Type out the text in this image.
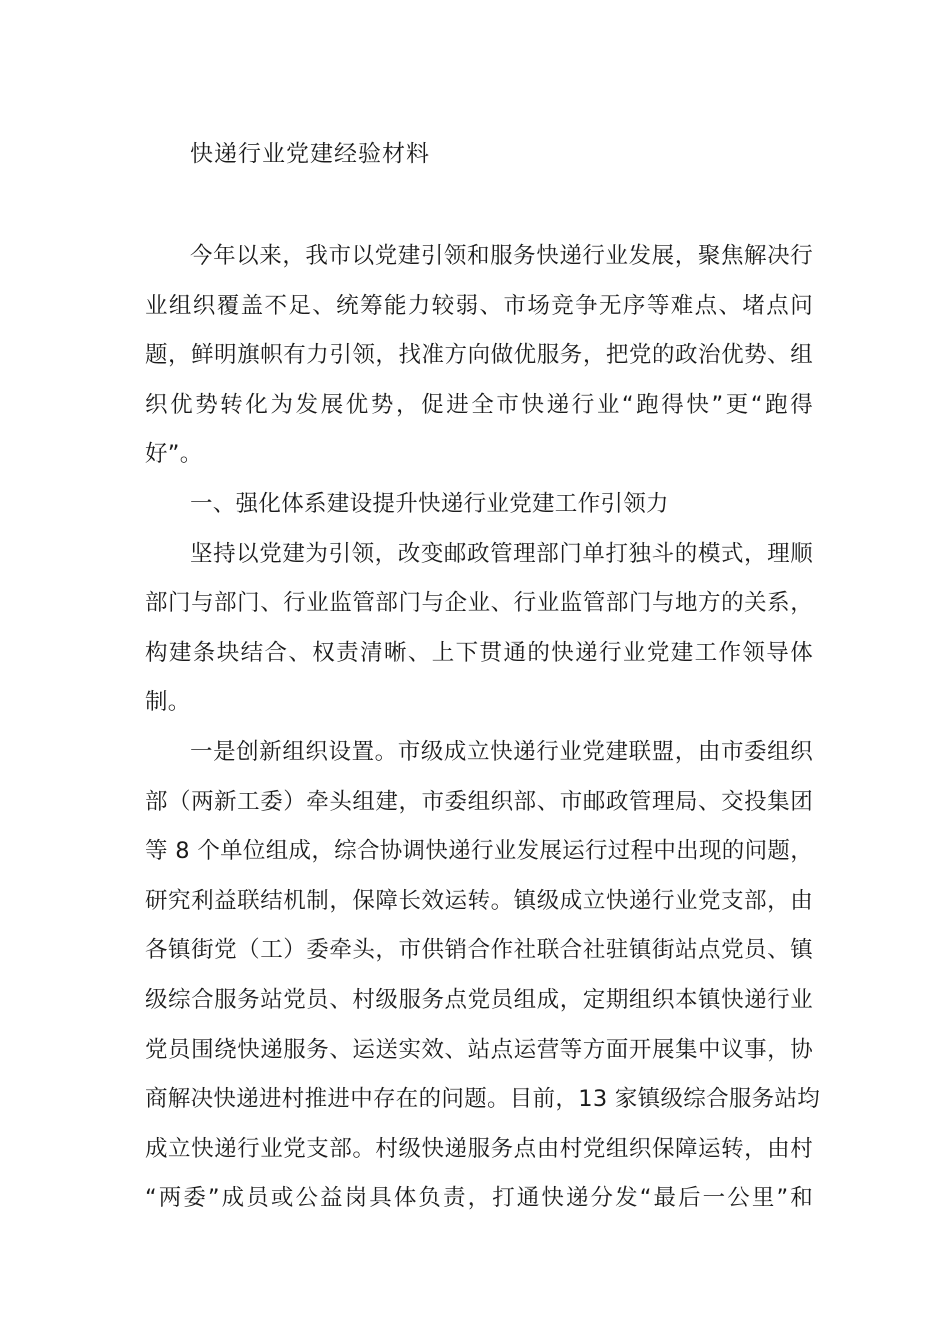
快递行业党建经验材料
今年以来，我市以党建引领和服务快递行业发展，聚焦解决行
业组织覆盖不足、统筹能力较弱、市场竞争无序等难点、堵点问
题，鲜明旗帜有力引领，找准方向做优服务，把党的政治优势、组
织优势转化为发展优势，促进全市快递行业“跑得快”更“跑得
好”。
一、强化体系建设提升快递行业党建工作引领力
坚持以党建为引领，改变邮政管理部门单打独斗的模式，理顺
部门与部门、行业监管部门与企业、行业监管部门与地方的关系，
构建条块结合、权责清晰、上下贯通的快递行业党建工作领导体
制。
一是创新组织设置。市级成立快递行业党建联盟，由市委组织
部（两新工委）牵头组建，市委组织部、市邮政管理局、交投集团
等 8 个单位组成，综合协调快递行业发展运行过程中出现的问题，
研究利益联结机制，保障长效运转。镇级成立快递行业党支部，由
各镇街党（工）委牵头，市供销合作社联合社驻镇街站点党员、镇
级综合服务站党员、村级服务点党员组成，定期组织本镇快递行业
党员围绕快递服务、运送实效、站点运营等方面开展集中议事，协
商解决快递进村推进中存在的问题。目前，13 家镇级综合服务站均
成立快递行业党支部。村级快递服务点由村党组织保障运转，由村
“两委”成员或公益岗具体负责，打通快递分发“最后一公里”和
